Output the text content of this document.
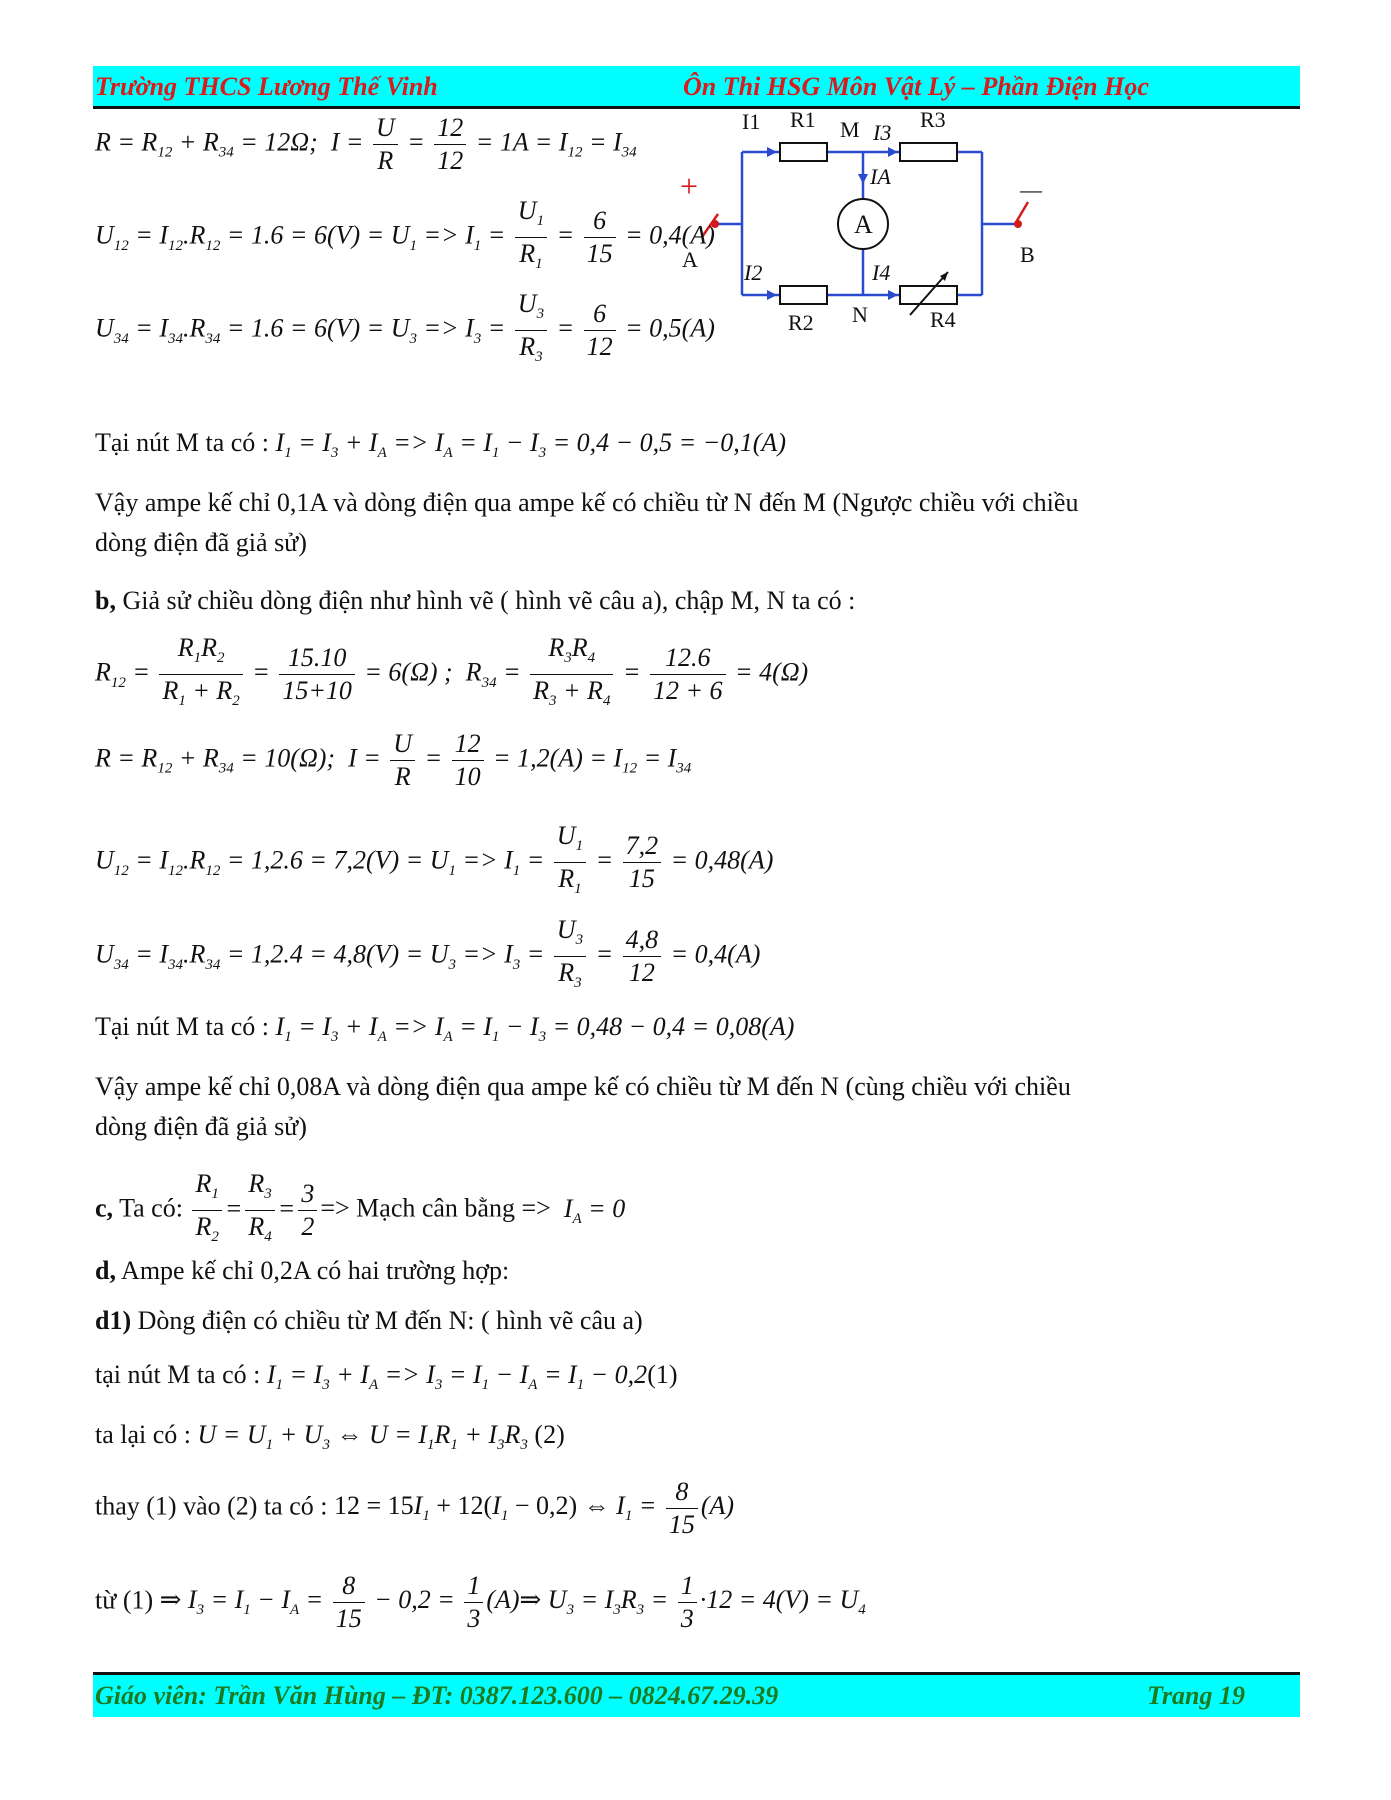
Trường THCS Lương Thế Vinh	Ôn Thi HSG Môn Vật Lý – Phần Điện Học
I1 R1 M I3
R3
IA
A
+	—
A	B
I2	I4
R2 N	R4
$R = R_{12} + R_{34} = 12\Omega$;  $I = \frac{U}{R} = \frac{12}{12} = 1A = I_{12} = I_{34}$
$U_{12} = I_{12}.R_{12} = 1.6 = 6(V) = U_1 => I_1 = \frac{U_1}{R_1} = \frac{6}{15} = 0,4(A)$
$U_{34} = I_{34}.R_{34} = 1.6 = 6(V) = U_3 => I_3 = \frac{U_3}{R_3} = \frac{6}{12} = 0,5(A)$
Tại nút M ta có : $I_1 = I_3 + I_A => I_A = I_1 - I_3 = 0,4 - 0,5 = -0,1(A)$
Vậy ampe kế chỉ 0,1A và dòng điện qua ampe kế có chiều từ N đến M (Ngược chiều với chiều
dòng điện đã giả sử)
b, Giả sử chiều dòng điện như hình vẽ ( hình vẽ câu a), chập M, N ta có :
$R_{12} = \frac{R_1R_2}{R_1 + R_2} = \frac{15.10}{15+10} = 6(\Omega)$ ;  $R_{34} = \frac{R_3R_4}{R_3 + R_4} = \frac{12.6}{12 + 6} = 4(\Omega)$
$R = R_{12} + R_{34} = 10(\Omega)$;  $I = \frac{U}{R} = \frac{12}{10} = 1,2(A) = I_{12} = I_{34}$
$U_{12} = I_{12}.R_{12} = 1,2.6 = 7,2(V) = U_1 => I_1 = \frac{U_1}{R_1} = \frac{7,2}{15} = 0,48(A)$
$U_{34} = I_{34}.R_{34} = 1,2.4 = 4,8(V) = U_3 => I_3 = \frac{U_3}{R_3} = \frac{4,8}{12} = 0,4(A)$
Tại nút M ta có : $I_1 = I_3 + I_A => I_A = I_1 - I_3 = 0,48 - 0,4 = 0,08(A)$
Vậy ampe kế chỉ 0,08A và dòng điện qua ampe kế có chiều từ M đến N (cùng chiều với chiều
dòng điện đã giả sử)
c, Ta có: $\frac{R_1}{R_2} = \frac{R_3}{R_4} = \frac{3}{2}$ => Mạch cân bằng => $I_A = 0$
d, Ampe kế chỉ 0,2A có hai trường hợp:
d1) Dòng điện có chiều từ M đến N: ( hình vẽ câu a)
tại nút M ta có : $I_1 = I_3 + I_A => I_3 = I_1 - I_A = I_1 - 0,2(1)$
ta lại có : $U = U_1 + U_3$ ⇔ $U = I_1R_1 + I_3R_3$ (2)
thay (1) vào (2) ta có : $12 = 15I_1 + 12(I_1 - 0,2)$ ⇔ $I_1 = \frac{8}{15} (A)$
từ (1) ⇒ $I_3 = I_1 - I_A = \frac{8}{15} - 0,2 = \frac{1}{3}$ (A)⇒ $U_3 = I_3R_3 = \frac{1}{3} \cdot 12 = 4(V) = U_4$
Giáo viên: Trần Văn Hùng – ĐT: 0387.123.600 – 0824.67.29.39	Trang 19
